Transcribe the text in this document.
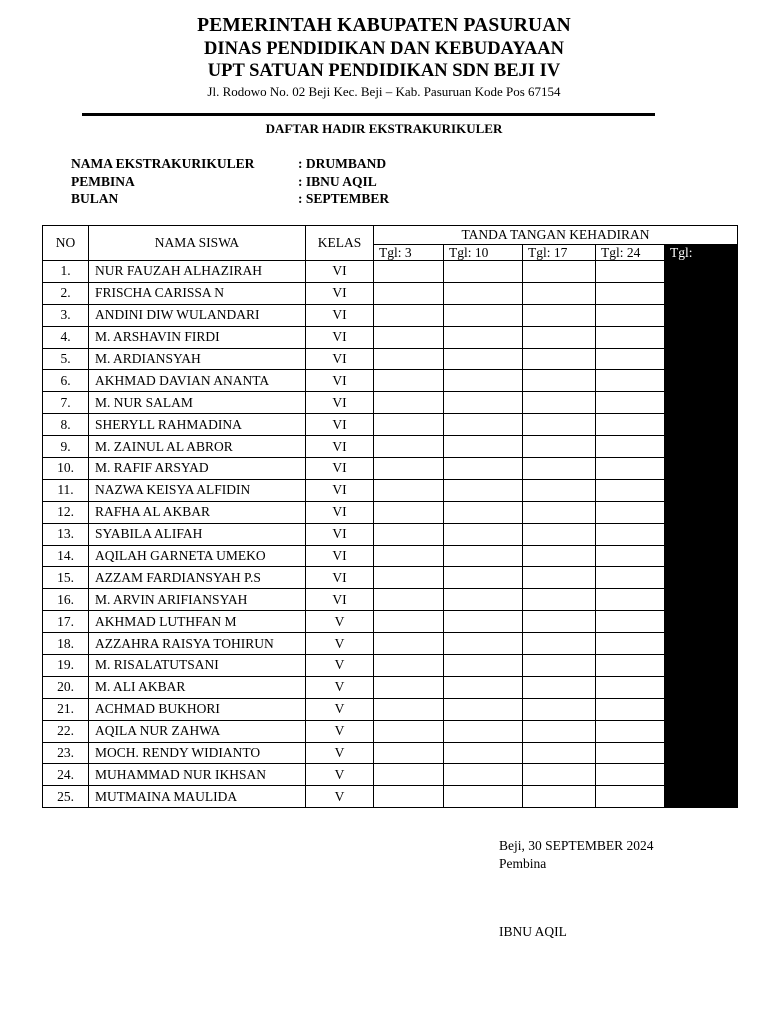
PEMERINTAH KABUPATEN PASURUAN
DINAS PENDIDIKAN DAN KEBUDAYAAN
UPT SATUAN PENDIDIKAN SDN BEJI IV
Jl. Rodowo No. 02 Beji Kec. Beji – Kab. Pasuruan Kode Pos 67154
DAFTAR HADIR EKSTRAKURIKULER
NAMA EKSTRAKURIKULER	: DRUMBAND
PEMBINA	: IBNU AQIL
BULAN	: SEPTEMBER
NO	NAMA SISWA	KELAS	TANDA TANGAN KEHADIRAN				
			Tgl: 3	Tgl: 10	Tgl: 17	Tgl: 24	Tgl:
1.	NUR FAUZAH ALHAZIRAH	VI					
2.	FRISCHA CARISSA N	VI					
3.	ANDINI DIW WULANDARI	VI					
4.	M. ARSHAVIN FIRDI	VI					
5.	M. ARDIANSYAH	VI					
6.	AKHMAD DAVIAN ANANTA	VI					
7.	M. NUR SALAM	VI					
8.	SHERYLL RAHMADINA	VI					
9.	M. ZAINUL AL ABROR	VI					
10.	M. RAFIF ARSYAD	VI					
11.	NAZWA KEISYA ALFIDIN	VI					
12.	RAFHA AL AKBAR	VI					
13.	SYABILA ALIFAH	VI					
14.	AQILAH GARNETA UMEKO	VI					
15.	AZZAM FARDIANSYAH P.S	VI					
16.	M. ARVIN ARIFIANSYAH	VI					
17.	AKHMAD LUTHFAN M	V					
18.	AZZAHRA RAISYA TOHIRUN	V					
19.	M. RISALATUTSANI	V					
20.	M. ALI AKBAR	V					
21.	ACHMAD BUKHORI	V					
22.	AQILA NUR ZAHWA	V					
23.	MOCH. RENDY WIDIANTO	V					
24.	MUHAMMAD NUR IKHSAN	V					
25.	MUTMAINA MAULIDA	V					
Beji, 30 SEPTEMBER 2024
Pembina
IBNU AQIL
